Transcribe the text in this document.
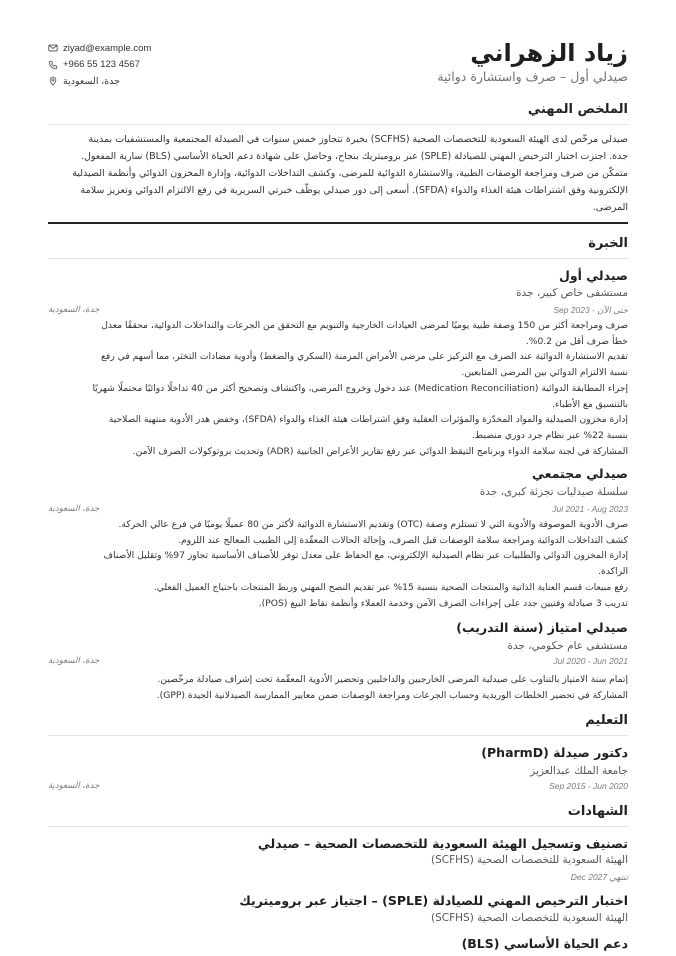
زياد الزهراني
صيدلي أول – صرف واستشارة دوائية
ziyad@example.com
+966 55 123 4567
جدة، السعودية
الملخص المهني
صيدلي مرخّص لدى الهيئة السعودية للتخصصات الصحية (SCFHS) بخبرة تتجاوز خمس سنوات في الصيدلة المجتمعية والمستشفيات بمدينة
جدة. اجتزت اختبار الترخيص المهني للصيادلة (SPLE) عبر بروميتريك بنجاح، وحاصل على شهادة دعم الحياة الأساسي (BLS) سارية المفعول.
متمكّن من صرف ومراجعة الوصفات الطبية، والاستشارة الدوائية للمرضى، وكشف التداخلات الدوائية، وإدارة المخزون الدوائي وأنظمة الصيدلية
الإلكترونية وفق اشتراطات هيئة الغذاء والدواء (SFDA). أسعى إلى دور صيدلي يوظّف خبرتي السريرية في رفع الالتزام الدوائي وتعزيز سلامة
المرضى.
الخبرة
صيدلي أول
مستشفى خاص كبير، جدة
Sep 2023 - حتى الآن
جدة، السعودية
صرف ومراجعة أكثر من 150 وصفة طبية يوميًا لمرضى العيادات الخارجية والتنويم مع التحقق من الجرعات والتداخلات الدوائية، محققًا معدل
خطأ صرف أقل من 0.2%.
تقديم الاستشارة الدوائية عند الصرف مع التركيز على مرضى الأمراض المزمنة (السكري والضغط) وأدوية مضادات التخثر، مما أسهم في رفع
نسبة الالتزام الدوائي بين المرضى المتابعين.
إجراء المطابقة الدوائية (Medication Reconciliation) عند دخول وخروج المرضى، واكتشاف وتصحيح أكثر من 40 تداخلًا دوائيًا محتملًا شهريًا
بالتنسيق مع الأطباء.
إدارة مخزون الصيدلية والمواد المخدّرة والمؤثرات العقلية وفق اشتراطات هيئة الغذاء والدواء (SFDA)، وخفض هدر الأدوية منتهية الصلاحية
بنسبة 22% عبر نظام جرد دوري منضبط.
المشاركة في لجنة سلامة الدواء وبرنامج التيقظ الدوائي عبر رفع تقارير الأعراض الجانبية (ADR) وتحديث بروتوكولات الصرف الآمن.
صيدلي مجتمعي
سلسلة صيدليات تجزئة كبرى، جدة
Jul 2021 - Aug 2023
جدة، السعودية
صرف الأدوية الموصوفة والأدوية التي لا تستلزم وصفة (OTC) وتقديم الاستشارة الدوائية لأكثر من 80 عميلًا يوميًا في فرع عالي الحركة.
كشف التداخلات الدوائية ومراجعة سلامة الوصفات قبل الصرف، وإحالة الحالات المعقّدة إلى الطبيب المعالج عند اللزوم.
إدارة المخزون الدوائي والطلبيات عبر نظام الصيدلية الإلكتروني، مع الحفاظ على معدل توفر للأصناف الأساسية تجاوز 97% وتقليل الأصناف
الراكدة.
رفع مبيعات قسم العناية الذاتية والمنتجات الصحية بنسبة 15% عبر تقديم النصح المهني وربط المنتجات باحتياج العميل الفعلي.
تدريب 3 صيادلة وفنيين جدد على إجراءات الصرف الآمن وخدمة العملاء وأنظمة نقاط البيع (POS).
صيدلي امتياز (سنة التدريب)
مستشفى عام حكومي، جدة
Jul 2020 - Jun 2021
جدة، السعودية
إتمام سنة الامتياز بالتناوب على صيدلية المرضى الخارجيين والداخليين وتحضير الأدوية المعقّمة تحت إشراف صيادلة مرخّصين.
المشاركة في تحضير الخلطات الوريدية وحساب الجرعات ومراجعة الوصفات ضمن معايير الممارسة الصيدلانية الجيدة (GPP).
التعليم
دكتور صيدلة (PharmD)
جامعة الملك عبدالعزيز
Sep 2015 - Jun 2020
جدة، السعودية
الشهادات
تصنيف وتسجيل الهيئة السعودية للتخصصات الصحية – صيدلي
الهيئة السعودية للتخصصات الصحية (SCFHS)
تنتهي Dec 2027
اختبار الترخيص المهني للصيادلة (SPLE) – اجتياز عبر بروميتريك
الهيئة السعودية للتخصصات الصحية (SCFHS)
دعم الحياة الأساسي (BLS)
